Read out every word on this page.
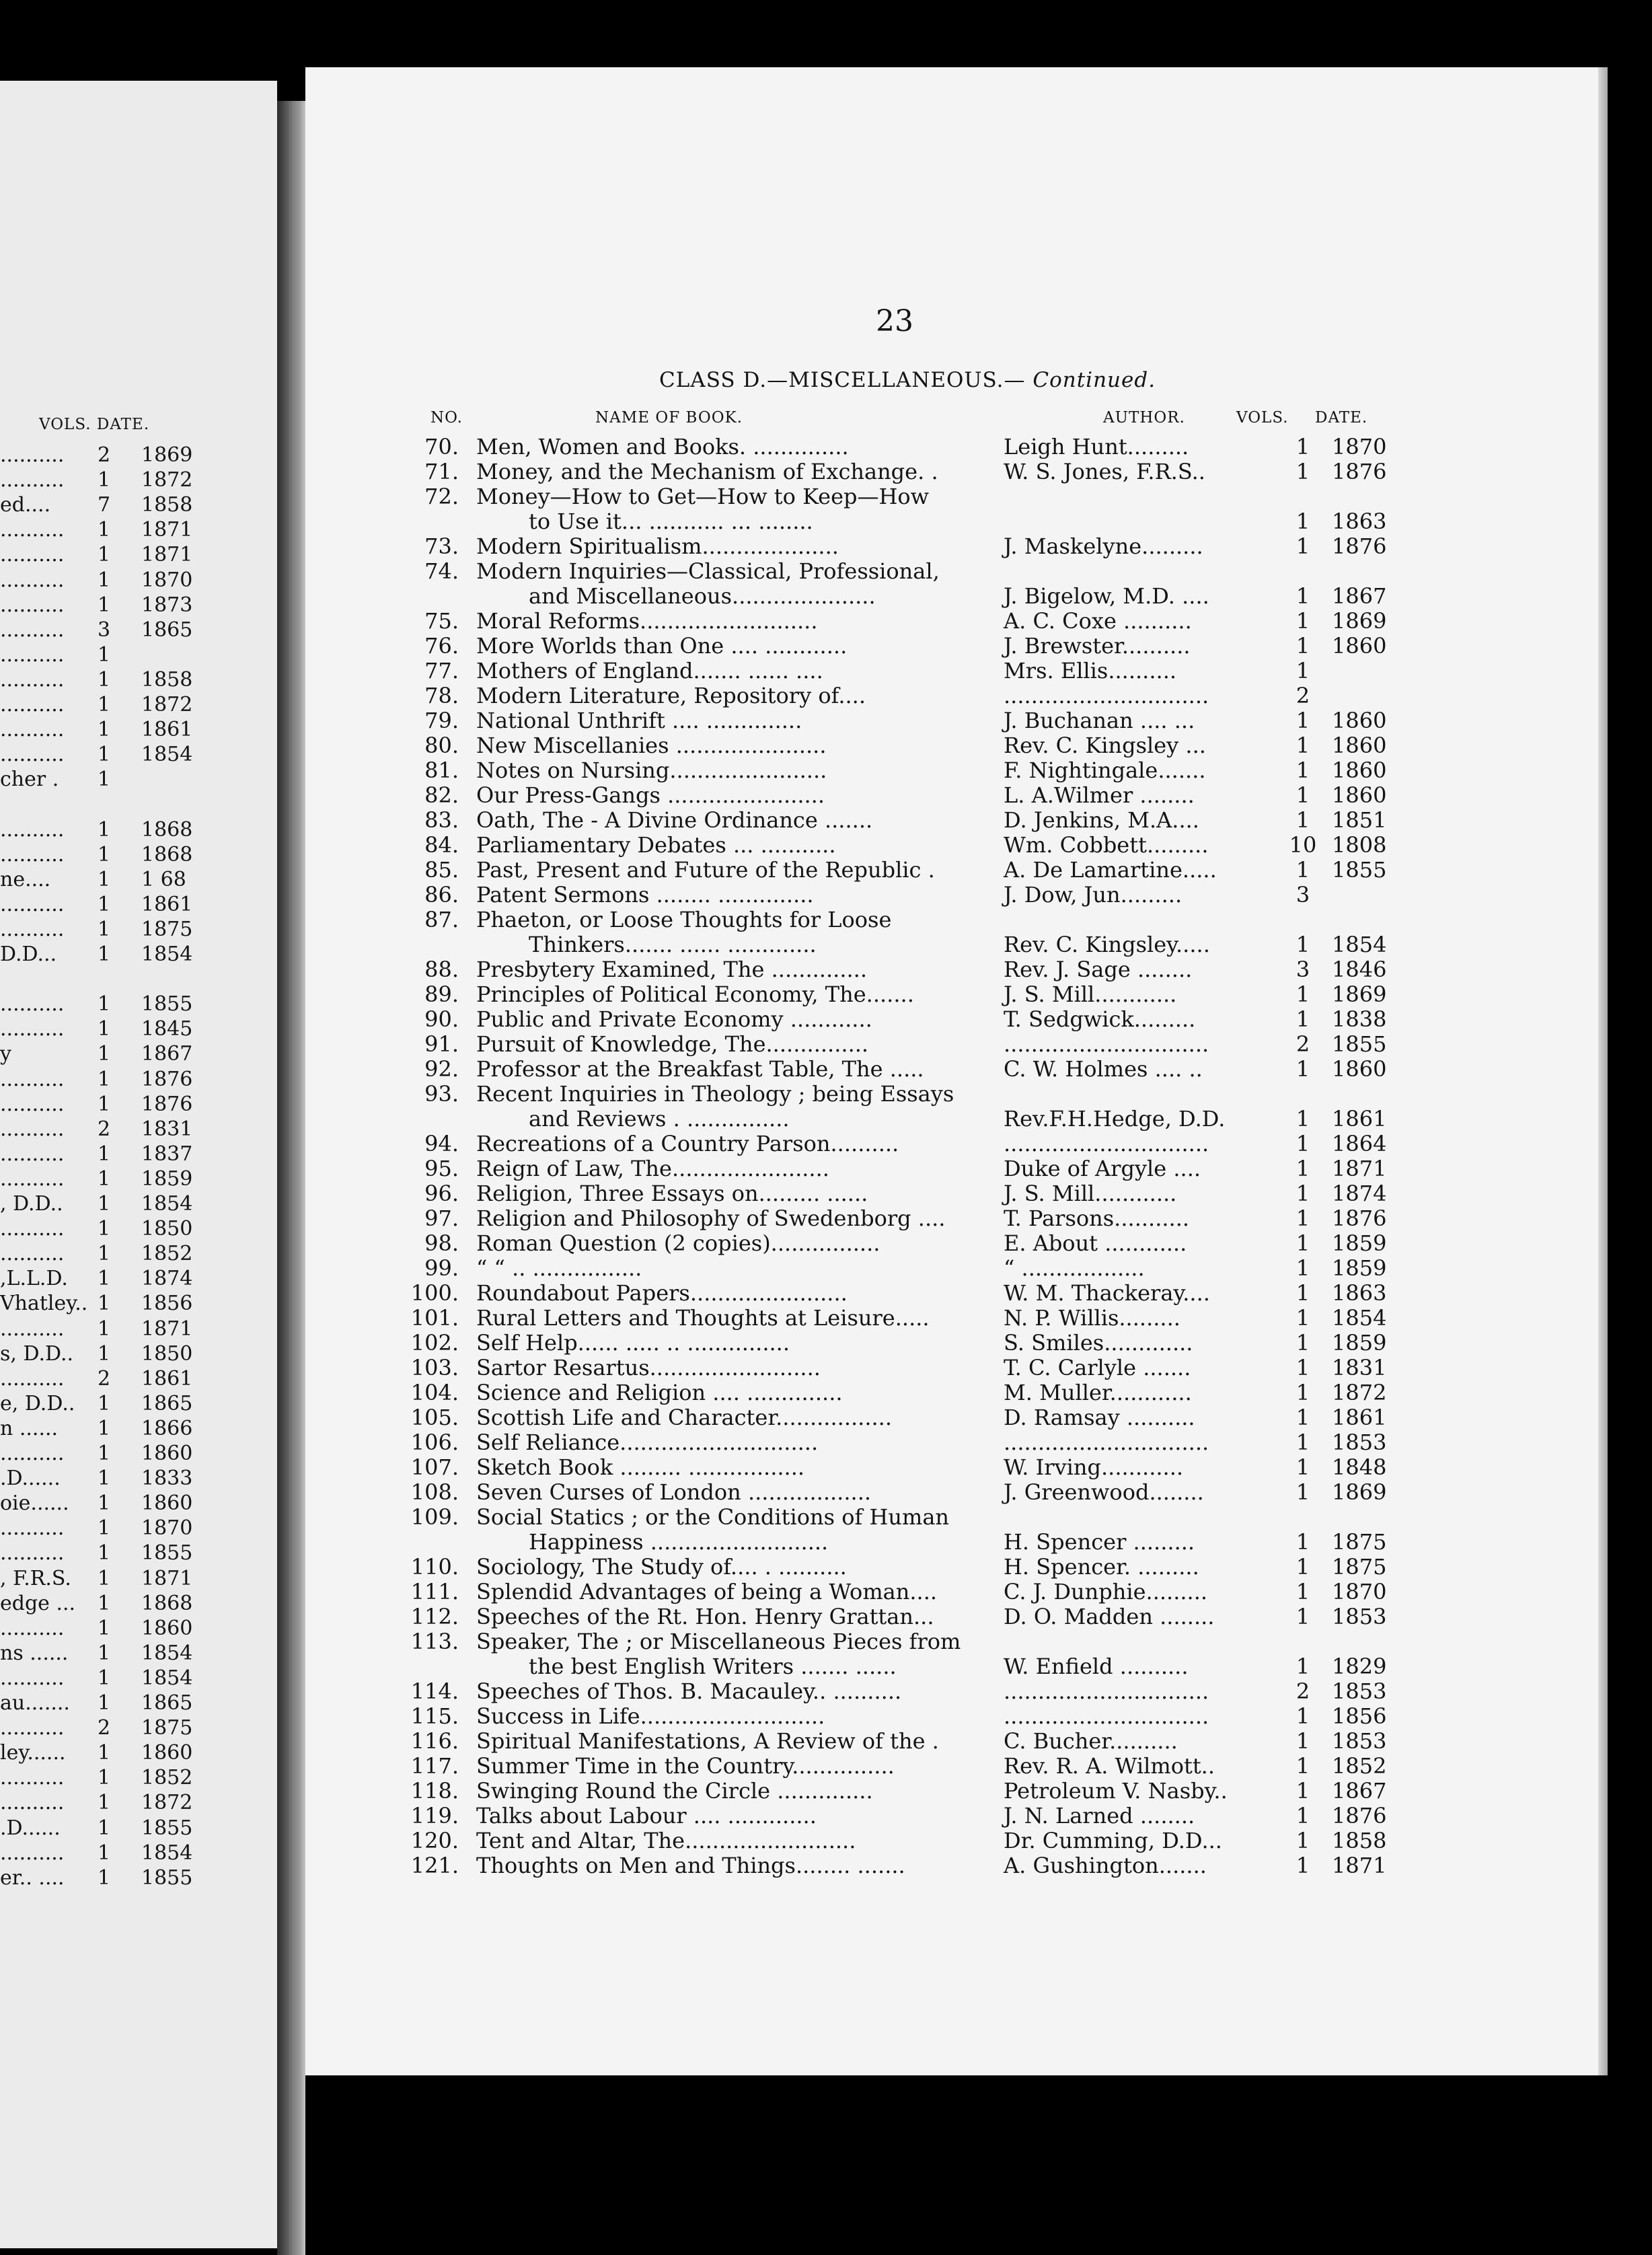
VOLS. DATE.
.......... 2 1869
.......... 1 1872
ed.... 7 1858
.......... 1 1871
.......... 1 1871
.......... 1 1870
.......... 1 1873
.......... 3 1865
.......... 1
.......... 1 1858
.......... 1 1872
.......... 1 1861
.......... 1 1854
cher . 1
.......... 1 1868
.......... 1 1868
ne.... 1 1 68
.......... 1 1861
.......... 1 1875
D.D... 1 1854
.......... 1 1855
.......... 1 1845
y	1 1867
.......... 1 1876
.......... 1 1876
.......... 2 1831
.......... 1 1837
.......... 1 1859
, D.D.. 1 1854
.......... 1 1850
.......... 1 1852
,L.L.D. 1 1874
Vhatley.. 1 1856
.......... 1 1871
s, D.D.. 1 1850
.......... 2 1861
e, D.D.. 1 1865
n ...... 1 1866
.......... 1 1860
.D...... 1 1833
oie...... 1 1860
.......... 1 1870
.......... 1 1855
, F.R.S. 1 1871
edge ... 1 1868
.......... 1 1860
ns ...... 1 1854
.......... 1 1854
au....... 1 1865
.......... 2 1875
ley...... 1 1860
.......... 1 1852
.......... 1 1872
.D...... 1 1855
.......... 1 1854
er.. .... 1 1855
23
CLASS D.—MISCELLANEOUS.— Continued.
NO.	NAME OF BOOK.	AUTHOR.	VOLS. DATE.
70. Men, Women and Books. ..............	Leigh Hunt.........	1	1870
71. Money, and the Mechanism of Exchange. .	W. S. Jones, F.R.S..	1	1876
72. Money—How to Get—How to Keep—How
to Use it... ........... ... ........	1	1863
73. Modern Spiritualism....................	J. Maskelyne.........	1	1876
74. Modern Inquiries—Classical, Professional,
and Miscellaneous.....................	J. Bigelow, M.D. ....	1	1867
75. Moral Reforms..........................	A. C. Coxe ..........	1	1869
76. More Worlds than One .... ............	J. Brewster..........	1	1860
77. Mothers of England....... ...... ....	Mrs. Ellis..........	1
78. Modern Literature, Repository of....	..............................	2
79. National Unthrift .... ..............	J. Buchanan .... ...	1	1860
80. New Miscellanies ......................	Rev. C. Kingsley ...	1	1860
81. Notes on Nursing.......................	F. Nightingale.......	1	1860
82. Our Press-Gangs .......................	L. A.Wilmer ........	1	1860
83. Oath, The - A Divine Ordinance .......	D. Jenkins, M.A....	1	1851
84. Parliamentary Debates ... ...........	Wm. Cobbett.........	10 1808
85. Past, Present and Future of the Republic .	A. De Lamartine.....	1	1855
86. Patent Sermons ........ ..............	J. Dow, Jun.........	3
87. Phaeton, or Loose Thoughts for Loose
Thinkers....... ...... .............	Rev. C. Kingsley.....	1	1854
88. Presbytery Examined, The ..............	Rev. J. Sage ........	3	1846
89. Principles of Political Economy, The.......	J. S. Mill............	1	1869
90. Public and Private Economy ............	T. Sedgwick.........	1	1838
91. Pursuit of Knowledge, The...............	..............................	2	1855
92. Professor at the Breakfast Table, The .....	C. W. Holmes .... ..	1	1860
93. Recent Inquiries in Theology ; being Essays
and Reviews . ...............	Rev.F.H.Hedge, D.D.	1	1861
94. Recreations of a Country Parson..........	..............................	1	1864
95. Reign of Law, The.......................	Duke of Argyle ....	1	1871
96. Religion, Three Essays on......... ......	J. S. Mill............	1	1874
97. Religion and Philosophy of Swedenborg ....	T. Parsons...........	1	1876
98. Roman Question (2 copies)................	E. About ............	1	1859
99. “ “ .. ................	“ ..................	1	1859
100. Roundabout Papers.......................	W. M. Thackeray....	1	1863
101. Rural Letters and Thoughts at Leisure.....	N. P. Willis.........	1	1854
102. Self Help...... ..... .. ...............	S. Smiles.............	1	1859
103. Sartor Resartus.........................	T. C. Carlyle .......	1	1831
104. Science and Religion .... ..............	M. Muller............	1	1872
105. Scottish Life and Character.................	D. Ramsay ..........	1	1861
106. Self Reliance.............................	..............................	1	1853
107. Sketch Book ......... .................	W. Irving............	1	1848
108. Seven Curses of London ..................	J. Greenwood........	1	1869
109. Social Statics ; or the Conditions of Human
Happiness ..........................	H. Spencer .........	1	1875
110. Sociology, The Study of.... . ..........	H. Spencer. .........	1	1875
111. Splendid Advantages of being a Woman....	C. J. Dunphie.........	1	1870
112. Speeches of the Rt. Hon. Henry Grattan...	D. O. Madden ........	1	1853
113. Speaker, The ; or Miscellaneous Pieces from
the best English Writers ....... ......	W. Enfield ..........	1	1829
114. Speeches of Thos. B. Macauley.. ..........	..............................	2	1853
115. Success in Life...........................	..............................	1	1856
116. Spiritual Manifestations, A Review of the .	C. Bucher..........	1	1853
117. Summer Time in the Country...............	Rev. R. A. Wilmott..	1	1852
118. Swinging Round the Circle ..............	Petroleum V. Nasby..	1	1867
119. Talks about Labour .... .............	J. N. Larned ........	1	1876
120. Tent and Altar, The.........................	Dr. Cumming, D.D...	1	1858
121. Thoughts on Men and Things........ .......	A. Gushington.......	1	1871
